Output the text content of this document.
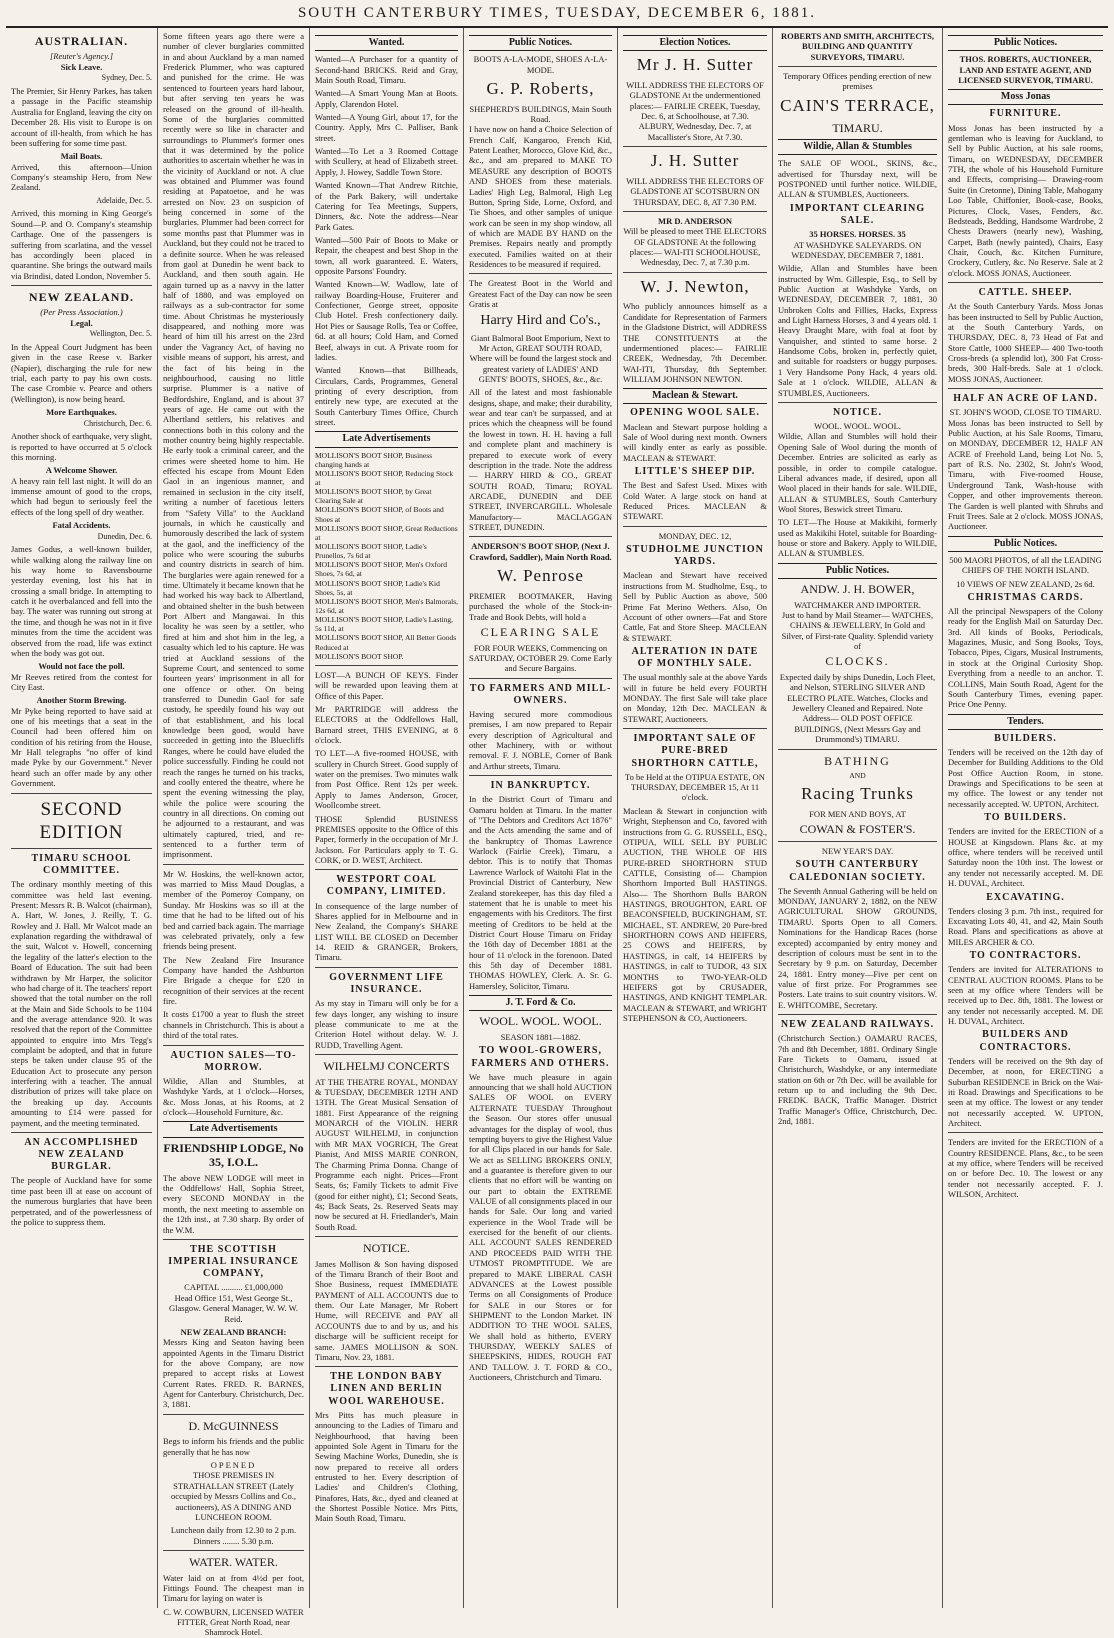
SOUTH CANTERBURY TIMES, TUESDAY, DECEMBER 6, 1881.
AUSTRALIAN.
[Reuter's Agency.]
Sick Leave.
Sydney, Dec. 5.

The Premier, Sir Henry Parkes, has taken a passage in the Pacific steamship Australia for England, leaving the city on December 28. His visit to Europe is on account of ill-health, from which he has been suffering for some time past.

Mail Boats.

Arrived, this afternoon—Union Company's steamship Hero, from New Zealand.

Adelaide, Dec. 5.

Arrived, this morning in King George's Sound—P. and O. Company's steamship Carthage. One of the passengers is suffering from scarlatina, and the vessel has accordingly been placed in quarantine. She brings the outward mails via Brindisi, dated London, November 5.

NEW ZEALAND.
(Per Press Association.)
Legal.
Wellington, Dec. 5.

In the Appeal Court Judgment has been given in the case Reese v. Barker (Napier), discharging the rule for new trial, each party to pay his own costs. The case Crombie v. Pearce and others (Wellington), is now being heard.

More Earthquakes.
Christchurch, Dec. 6.

Another shock of earthquake, very slight, is reported to have occurred at 5 o'clock this morning.

A Welcome Shower.

A heavy rain fell last night. It will do an immense amount of good to the crops, which had begun to seriously feel the effects of the long spell of dry weather.

Fatal Accidents.
Dunedin, Dec. 6.

James Godus, a well-known builder, while walking along the railway line on his way home to Ravensbourne yesterday evening, lost his hat in crossing a small bridge. In attempting to catch it he overbalanced and fell into the bay. The water was running out strong at the time, and though he was not in it five minutes from the time the accident was observed from the road, life was extinct when the body was got out.

Would not face the poll.

Mr Reeves retired from the contest for City East.

Another Storm Brewing.

Mr Pyke being reported to have said at one of his meetings that a seat in the Council had been offered him on condition of his retiring from the House, Mr Hall telegraphs "no offer of kind made Pyke by our Government." Never heard such an offer made by any other Government.

SECOND EDITION
TIMARU SCHOOL COMMITTEE.

The ordinary monthly meeting of this committee was held last evening. Present: Messrs R. B. Walcot (chairman), A. Hart, W. Jones, J. Reilly, T. G. Rowley and J. Hall. Mr Walcot made an explanation regarding the withdrawal of the suit, Walcot v. Howell, concerning the legality of the latter's election to the Board of Education. The suit had been withdrawn by Mr Harper, the solicitor who had charge of it. The teachers' report showed that the total number on the roll at the Main and Side Schools to be 1104 and the average attendance 920. It was resolved that the report of the Committee appointed to enquire into Mrs Tegg's complaint be adopted, and that in future steps be taken under clause 95 of the Education Act to prosecute any person interfering with a teacher. The annual distribution of prizes will take place on the breaking up day. Accounts amounting to £14 were passed for payment, and the meeting terminated.

AN ACCOMPLISHED NEW ZEALAND BURGLAR.

The people of Auckland have for some time past been ill at ease on account of the numerous burglaries that have been perpetrated, and of the powerlessness of the police to suppress them.

Some fifteen years ago there were a number of clever burglaries committed in and about Auckland by a man named Frederick Plummer, who was captured and punished for the crime. He was sentenced to fourteen years hard labour, but after serving ten years he was released on the ground of ill-health. Some of the burglaries committed recently were so like in character and surroundings to Plummer's former ones that it was determined by the police authorities to ascertain whether he was in the vicinity of Auckland or not. A clue was obtained and Plummer was found residing at Papatoetoe, and he was arrested on Nov. 23 on suspicion of being concerned in some of the burglaries. Plummer had been correct for some months past that Plummer was in Auckland, but they could not be traced to a definite source. When he was released from gaol at Dunedin he went back to Auckland, and then south again. He again turned up as a navvy in the latter half of 1880, and was employed on railways as a sub-contractor for some time. About Christmas he mysteriously disappeared, and nothing more was heard of him till his arrest on the 23rd under the Vagrancy Act, of having no visible means of support, his arrest, and the fact of his being in the neighbourhood, causing no little surprise. Plummer is a native of Bedfordshire, England, and is about 37 years of age. He came out with the Albertland settlers, his relatives and connections both in this colony and the mother country being highly respectable. He early took a criminal career, and the crimes were sheeted home to him. He effected his escape from Mount Eden Gaol in an ingenious manner, and remained in seclusion in the city itself, writing a number of facetious letters from "Safety Villa" to the Auckland journals, in which he caustically and humorously described the lack of system at the gaol, and the inefficiency of the police who were scouring the suburbs and country districts in search of him. The burglaries were again renewed for a time. Ultimately it became known that he had worked his way back to Albertland, and obtained shelter in the bush between Port Albert and Mangawai. In this locality he was seen by a settler, who fired at him and shot him in the leg, a casualty which led to his capture. He was tried at Auckland sessions of the Supreme Court, and sentenced to some fourteen years' imprisonment in all for one offence or other. On being transferred to Dunedin Gaol for safe custody, he speedily found his way out of that establishment, and his local knowledge been good, would have succeeded in getting into the Bluecliffs Ranges, where he could have eluded the police successfully. Finding he could not reach the ranges he turned on his tracks, and coolly entered the theatre, where he spent the evening witnessing the play, while the police were scouring the country in all directions. On coming out he adjourned to a restaurant, and was ultimately captured, tried, and re-sentenced to a further term of imprisonment.

Mr W. Hoskins, the well-known actor, was married to Miss Maud Douglas, a member of the Pomeroy Company, on Sunday. Mr Hoskins was so ill at the time that he had to be lifted out of his bed and carried back again. The marriage was celebrated privately, only a few friends being present.

The New Zealand Fire Insurance Company have handed the Ashburton Fire Brigade a cheque for £20 in recognition of their services at the recent fire.

It costs £1700 a year to flush the street channels in Christchurch. This is about a third of the total rates.

AUCTION SALES—TO-MORROW.

Wildie, Allan and Stumbles, at Washdyke Yards, at 1 o'clock—Horses, &c. Moss Jonas, at his Rooms, at 2 o'clock—Household Furniture, &c.

Late Advertisements
FRIENDSHIP LODGE, No 35, I.O.L.

The above NEW LODGE will meet in the Oddfellows' Hall, Sophia Street, every SECOND MONDAY in the month, the next meeting to assemble on the 12th inst., at 7.30 sharp. By order of the W.M.

THE SCOTTISH IMPERIAL INSURANCE COMPANY,
CAPITAL .......... £1,000,000

Head Office 151, West George St., Glasgow. General Manager, W. W. W. Reid.

NEW ZEALAND BRANCH:

Messrs King and Seaton having been appointed Agents in the Timaru District for the above Company, are now prepared to accept risks at Lowest Current Rates. FRED. R. BARNES, Agent for Canterbury. Christchurch, Dec. 3, 1881.

D. McGUINNESS

Begs to inform his friends and the public generally that he has now

OPENED

THOSE PREMISES IN STRATHALLAN STREET (Lately occupied by Messrs Collins and Co., auctioneers), AS A DINING AND LUNCHEON ROOM.

Luncheon daily from 12.30 to 2 p.m. Dinners ........ 5.30 p.m.

WATER. WATER.

Water laid on at from 4½d per foot, Fittings Found. The cheapest man in Timaru for laying on water is

C. W. COWBURN, LICENSED WATER FITTER, Great North Road, near Shamrock Hotel.

Wanted.

Wanted—A Purchaser for a quantity of Second-hand BRICKS. Reid and Gray, Main South Road, Timaru.

Wanted—A Smart Young Man at Boots. Apply, Clarendon Hotel.

Wanted—A Young Girl, about 17, for the Country. Apply, Mrs C. Palliser, Bank street.

Wanted—To Let a 3 Roomed Cottage with Scullery, at head of Elizabeth street. Apply, J. Howey, Saddle Town Store.

Wanted Known—That Andrew Ritchie, of the Park Bakery, will undertake Catering for Tea Meetings, Suppers, Dinners, &c. Note the address—Near Park Gates.

Wanted—500 Pair of Boots to Make or Repair, the cheapest and best Shop in the town, all work guaranteed. E. Waters, opposite Parsons' Foundry.

Wanted Known—W. Wadlow, late of railway Boarding-House, Fruiterer and Confectioner, George street, opposite Club Hotel. Fresh confectionery daily. Hot Pies or Sausage Rolls, Tea or Coffee, 6d. at all hours; Cold Ham, and Corned Beef, always in cut. A Private room for ladies.

Wanted Known—that Billheads, Circulars, Cards, Programmes, General printing of every description, from entirely new type, are executed at the South Canterbury Times Office, Church street.

Late Advertisements
MOLLISON'S BOOT SHOP, Business changing hands at
MOLLISON'S BOOT SHOP, Reducing Stock at
MOLLISON'S BOOT SHOP, by Great Clearing Sale at
MOLLISON'S BOOT SHOP, of Boots and Shoes at
MOLLISON'S BOOT SHOP, Great Reductions at
MOLLISON'S BOOT SHOP, Ladie's Prunellos, 7s 6d at
MOLLISON'S BOOT SHOP, Men's Oxford Shoes, 7s 6d, at
MOLLISON'S BOOT SHOP, Ladie's Kid Shoes, 5s, at
MOLLISON'S BOOT SHOP, Men's Balmorals, 12s 6d, at
MOLLISON'S BOOT SHOP, Ladie's Lasting, 5s 11d, at
MOLLISON'S BOOT SHOP, All Better Goods Reduced at
MOLLISON'S BOOT SHOP.

LOST—A BUNCH OF KEYS. Finder will be rewarded upon leaving them at Office of this Paper.

Mr PARTRIDGE will address the ELECTORS at the Oddfellows Hall, Barnard street, THIS EVENING, at 8 o'clock.

TO LET—A five-roomed HOUSE, with scullery in Church Street. Good supply of water on the premises. Two minutes walk from Post Office. Rent 12s per week. Apply to James Anderson, Grocer, Woollcombe street.

THOSE Splendid BUSINESS PREMISES opposite to the Office of this Paper, formerly in the occupation of Mr J. Jackson. For Particulars apply to T. G. CORK, or D. WEST, Architect.

WESTPORT COAL COMPANY, LIMITED.

In consequence of the large number of Shares applied for in Melbourne and in New Zealand, the Company's SHARE LIST WILL BE CLOSED on December 14. REID & GRANGER, Brokers, Timaru.

GOVERNMENT LIFE INSURANCE.

As my stay in Timaru will only be for a few days longer, any wishing to insure please communicate to me at the Criterion Hotel without delay. W. J. RUDD, Travelling Agent.

WILHELMJ CONCERTS

AT THE THEATRE ROYAL, MONDAY & TUESDAY, DECEMBER 12TH AND 13TH. The Great Musical Sensation of 1881. First Appearance of the reigning MONARCH of the VIOLIN. HERR AUGUST WILHELMJ, in conjunction with MR MAX VOGRICH, The Great Pianist, And MISS MARIE CONRON, The Charming Prima Donna. Change of Programme each night. Prices—Front Seats, 6s; Family Tickets to admit Five (good for either night), £1; Second Seats, 4s; Back Seats, 2s. Reserved Seats may now be secured at H. Friedlander's, Main South Road.

NOTICE.

James Mollison & Son having disposed of the Timaru Branch of their Boot and Shoe Business, request IMMEDIATE PAYMENT of ALL ACCOUNTS due to them. Our Late Manager, Mr Robert Hume, will RECEIVE and PAY all ACCOUNTS due to and by us, and his discharge will be sufficient receipt for same. JAMES MOLLISON & SON. Timaru, Nov. 23, 1881.

THE LONDON BABY LINEN AND BERLIN WOOL WAREHOUSE.

Mrs Pitts has much pleasure in announcing to the Ladies of Timaru and Neighbourhood, that having been appointed Sole Agent in Timaru for the Sewing Machine Works, Dunedin, she is now prepared to receive all orders entrusted to her. Every description of Ladies' and Children's Clothing, Pinafores, Hats, &c., dyed and cleaned at the Shortest Possible Notice. Mrs Pitts, Main South Road, Timaru.

Public Notices.
BOOTS A-LA-MODE, SHOES A-LA-MODE.
G. P. Roberts,
SHEPHERD'S BUILDINGS, Main South Road.

I have now on hand a Choice Selection of French Calf, Kangaroo, French Kid, Patent Leather, Morocco, Glove Kid, &c., &c., and am prepared to MAKE TO MEASURE any description of BOOTS AND SHOES from these materials. Ladies' High Leg, Balmoral, High Leg Button, Spring Side, Lorne, Oxford, and Tie Shoes, and other samples of unique work can be seen in my shop window, all of which are MADE BY HAND on the Premises. Repairs neatly and promptly executed. Families waited on at their Residences to be measured if required.

The Greatest Boot in the World and Greatest Fact of the Day can now be seen Gratis at

Harry Hird and Co's.,

Giant Balmoral Boot Emporium, Next to Mr Acton, GREAT SOUTH ROAD, Where will be found the largest stock and greatest variety of LADIES' AND GENTS' BOOTS, SHOES, &c., &c.

All of the latest and most fashionable designs, shape, and make; their durability, wear and tear can't be surpassed, and at prices which the cheapness will be found the lowest in town. H. H. having a full and complete plant and machinery is prepared to execute work of every description in the trade. Note the address— HARRY HIRD & CO., GREAT SOUTH ROAD, Timaru; ROYAL ARCADE, DUNEDIN and DEE STREET, INVERCARGILL. Wholesale Manufactory— MACLAGGAN STREET, DUNEDIN.

ANDERSON'S BOOT SHOP, (Next J. Crawford, Saddler), Main North Road.
W. Penrose

PREMIER BOOTMAKER, Having purchased the whole of the Stock-in-Trade and Book Debts, will hold a

CLEARING SALE

FOR FOUR WEEKS, Commencing on SATURDAY, OCTOBER 29. Come Early and Secure Bargains.

TO FARMERS AND MILL-OWNERS.

Having secured more commodious premises, I am now prepared to Repair every description of Agricultural and other Machinery, with or without removal. F. J. NOBLE, Corner of Bank and Arthur streets, Timaru.

IN BANKRUPTCY.

In the District Court of Timaru and Oamaru holden at Timaru. In the matter of "The Debtors and Creditors Act 1876" and the Acts amending the same and of the bankruptcy of Thomas Lawrence Warlock (Fairlie Creek), Timaru, a debtor. This is to notify that Thomas Lawrence Warlock of Waitohi Flat in the Provincial District of Canterbury, New Zealand storekeeper, has this day filed a statement that he is unable to meet his engagements with his Creditors. The first meeting of Creditors to be held at the District Court House Timaru on Friday the 16th day of December 1881 at the hour of 11 o'clock in the forenoon. Dated this 5th day of December 1881. THOMAS HOWLEY, Clerk. A. Sr. G. Hamersley, Solicitor, Timaru.

J. T. Ford & Co.
WOOL. WOOL. WOOL.
SEASON 1881—1882.
TO WOOL-GROWERS, FARMERS AND OTHERS.

We have much pleasure in again announcing that we shall hold AUCTION SALES OF WOOL on EVERY ALTERNATE TUESDAY Throughout the Season. Our stores offer unusual advantages for the display of wool, thus tempting buyers to give the Highest Value for all Clips placed in our hands for Sale. We act as SELLING BROKERS ONLY, and a guarantee is therefore given to our clients that no effort will be wanting on our part to obtain the EXTREME VALUE of all consignments placed in our hands for Sale. Our long and varied experience in the Wool Trade will be exercised for the benefit of our clients. ALL ACCOUNT SALES RENDERED AND PROCEEDS PAID WITH THE UTMOST PROMPTITUDE. We are prepared to MAKE LIBERAL CASH ADVANCES at the Lowest possible Terms on all Consignments of Produce for SALE in our Stores or for SHIPMENT to the London Market. IN ADDITION TO THE WOOL SALES, We shall hold as hitherto, EVERY THURSDAY, WEEKLY SALES of SHEEPSKINS, HIDES, ROUGH FAT AND TALLOW. J. T. FORD & CO., Auctioneers, Christchurch and Timaru.

Election Notices.
Mr J. H. Sutter

WILL ADDRESS THE ELECTORS OF GLADSTONE At the undermentioned places:— FAIRLIE CREEK, Tuesday, Dec. 6, at Schoolhouse, at 7.30. ALBURY, Wednesday, Dec. 7, at Macallister's Store, At 7.30.

J. H. Sutter

WILL ADDRESS THE ELECTORS OF GLADSTONE AT SCOTSBURN ON THURSDAY, DEC. 8, AT 7.30 P.M.

MR D. ANDERSON

Will be pleased to meet THE ELECTORS OF GLADSTONE At the following places:— WAI-ITI SCHOOLHOUSE, Wednesday, Dec. 7, at 7.30 p.m.

W. J. Newton,

Who publicly announces himself as a Candidate for Representation of Farmers in the Gladstone District, will ADDRESS THE CONSTITUENTS at the undermentioned places:— FAIRLIE CREEK, Wednesday, 7th December. WAI-ITI, Thursday, 8th September. WILLIAM JOHNSON NEWTON.

Maclean & Stewart.
OPENING WOOL SALE.

Maclean and Stewart purpose holding a Sale of Wool during next month. Owners will kindly enter as early as possible. MACLEAN & STEWART.

LITTLE'S SHEEP DIP.

The Best and Safest Used. Mixes with Cold Water. A large stock on hand at Reduced Prices. MACLEAN & STEWART.

MONDAY, DEC. 12,
STUDHOLME JUNCTION YARDS.

Maclean and Stewart have received instructions from M. Studholme, Esq., to Sell by Public Auction as above, 500 Prime Fat Merino Wethers. Also, On Account of other owners—Fat and Store Cattle, Fat and Store Sheep. MACLEAN & STEWART.

ALTERATION IN DATE OF MONTHLY SALE.

The usual monthly sale at the above Yards will in future be held every FOURTH MONDAY. The first Sale will take place on Monday, 12th Dec. MACLEAN & STEWART, Auctioneers.

IMPORTANT SALE OF PURE-BRED SHORTHORN CATTLE,

To be Held at the OTIPUA ESTATE, ON THURSDAY, DECEMBER 15, At 11 o'clock.

Maclean & Stewart in conjunction with Wright, Stephenson and Co, favored with instructions from G. G. RUSSELL, ESQ., OTIPUA, WILL SELL BY PUBLIC AUCTION, THE WHOLE OF HIS PURE-BRED SHORTHORN STUD CATTLE, Consisting of— Champion Shorthorn Imported Bull HASTINGS. Also— The Shorthorn Bulls BARON HASTINGS, BROUGHTON, EARL OF BEACONSFIELD, BUCKINGHAM, ST. MICHAEL, ST. ANDREW, 20 Pure-bred SHORTHORN COWS AND HEIFERS, 25 COWS and HEIFERS, by HASTINGS, in calf, 14 HEIFERS by HASTINGS, in calf to TUDOR, 43 SIX MONTHS to TWO-YEAR-OLD HEIFERS got by CRUSADER, HASTINGS, AND KNIGHT TEMPLAR. MACLEAN & STEWART, and WRIGHT STEPHENSON & CO, Auctioneers.

ROBERTS AND SMITH, ARCHITECTS, BUILDING AND QUANTITY SURVEYORS, TIMARU.

Temporary Offices pending erection of new premises

CAIN'S TERRACE,
TIMARU.
Wildie, Allan & Stumbles

The SALE OF WOOL, SKINS, &c., advertised for Thursday next, will be POSTPONED until further notice. WILDIE, ALLAN & STUMBLES, Auctioneers.

IMPORTANT CLEARING SALE.
35 HORSES. HORSES. 35

AT WASHDYKE SALEYARDS. ON WEDNESDAY, DECEMBER 7, 1881.

Wildie, Allan and Stumbles have been instructed by Wm. Gillespie, Esq., to Sell by Public Auction at Washdyke Yards, on WEDNESDAY, DECEMBER 7, 1881, 30 Unbroken Colts and Fillies, Hacks, Express and Light Harness Horses, 3 and 4 years old. 1 Heavy Draught Mare, with foal at foot by Vanquisher, and stinted to same horse. 2 Handsome Cobs, broken in, perfectly quiet, and suitable for roadsters or buggy purposes. 1 Very Handsome Pony Hack, 4 years old. Sale at 1 o'clock. WILDIE, ALLAN & STUMBLES, Auctioneers.

NOTICE.
WOOL. WOOL. WOOL.

Wildie, Allan and Stumbles will hold their Opening Sale of Wool during the month of December. Entries are solicited as early as possible, in order to compile catalogue. Liberal advances made, if desired, upon all Wool placed in their hands for sale. WILDIE, ALLAN & STUMBLES, South Canterbury Wool Stores, Beswick street Timaru.

TO LET—The House at Makikihi, formerly used as Makikihi Hotel, suitable for Boarding-house or store and Bakery. Apply to WILDIE, ALLAN & STUMBLES.

Public Notices.
ANDW. J. H. BOWER,
WATCHMAKER AND IMPORTER.

Just to hand by Mail Steamer— WATCHES, CHAINS & JEWELLERY, In Gold and Silver, of First-rate Quality. Splendid variety of

CLOCKS.

Expected daily by ships Dunedin, Loch Fleet, and Nelson, STERLING SILVER AND ELECTRO PLATE. Watches, Clocks and Jewellery Cleaned and Repaired. Note Address— OLD POST OFFICE BUILDINGS, (Next Messrs Gay and Drummond's) TIMARU.

BATHING
AND
Racing Trunks
FOR MEN AND BOYS, AT
COWAN & FOSTER'S.
NEW YEAR'S DAY.
SOUTH CANTERBURY CALEDONIAN SOCIETY.

The Seventh Annual Gathering will be held on MONDAY, JANUARY 2, 1882, on the NEW AGRICULTURAL SHOW GROUNDS, TIMARU. Sports Open to all Comers. Nominations for the Handicap Races (horse excepted) accompanied by entry money and description of colours must be sent in to the Secretary by 9 p.m. on Saturday, December 24, 1881. Entry money—Five per cent on value of first prize. For Programmes see Posters. Late trains to suit country visitors. W. E. WHITCOMBE, Secretary.

NEW ZEALAND RAILWAYS.

(Christchurch Section.) OAMARU RACES, 7th and 8th December, 1881. Ordinary Single Fare Tickets to Oamaru, issued at Christchurch, Washdyke, or any intermediate station on 6th or 7th Dec. will be available for return up to and including the 9th Dec. FREDK. BACK, Traffic Manager. District Traffic Manager's Office, Christchurch, Dec. 2nd, 1881.

Public Notices.

THOS. ROBERTS, AUCTIONEER, LAND AND ESTATE AGENT, AND LICENSED SURVEYOR, TIMARU.

Moss Jonas
FURNITURE.

Moss Jonas has been instructed by a gentleman who is leaving for Auckland, to Sell by Public Auction, at his sale rooms, Timaru, on WEDNESDAY, DECEMBER 7TH, the whole of his Household Furniture and Effects, comprising— Drawing-room Suite (in Cretonne), Dining Table, Mahogany Loo Table, Chiffonier, Book-case, Books, Pictures, Clock, Vases, Fenders, &c. Bedsteads, Bedding, Handsome Wardrobe, 2 Chests Drawers (nearly new), Washing, Carpet, Bath (newly painted), Chairs, Easy Chair, Couch, &c. Kitchen Furniture, Crockery, Cutlery, &c. No Reserve. Sale at 2 o'clock. MOSS JONAS, Auctioneer.

CATTLE. SHEEP.

At the South Canterbury Yards. Moss Jonas has been instructed to Sell by Public Auction, at the South Canterbury Yards, on THURSDAY, DEC. 8, 73 Head of Fat and Store Cattle, 1000 SHEEP— 400 Two-tooth Cross-breds (a splendid lot), 300 Fat Cross-breds, 300 Half-breds. Sale at 1 o'clock. MOSS JONAS, Auctioneer.

HALF AN ACRE OF LAND.
ST. JOHN'S WOOD, CLOSE TO TIMARU.

Moss Jonas has been instructed to Sell by Public Auction, at his Sale Rooms, Timaru, on MONDAY, DECEMBER 12, HALF AN ACRE of Freehold Land, being Lot No. 5, part of R.S. No. 2302, St. John's Wood, Timaru, with Five-roomed House, Underground Tank, Wash-house with Copper, and other improvements thereon. The Garden is well planted with Shrubs and Fruit Trees. Sale at 2 o'clock. MOSS JONAS, Auctioneer.

Public Notices.

500 MAORI PHOTOS, of all the LEADING CHIEFS OF THE NORTH ISLAND.

10 VIEWS OF NEW ZEALAND, 2s 6d.
CHRISTMAS CARDS.

All the principal Newspapers of the Colony ready for the English Mail on Saturday Dec. 3rd. All kinds of Books, Periodicals, Magazines, Music, and Song Books, Toys, Tobacco, Pipes, Cigars, Musical Instruments, in stock at the Original Curiosity Shop. Everything from a needle to an anchor. T. COLLINS, Main South Road, Agent for the South Canterbury Times, evening paper. Price One Penny.

Tenders.
BUILDERS.

Tenders will be received on the 12th day of December for Building Additions to the Old Post Office Auction Room, in stone. Drawings and Specifications to be seen at my office. The lowest or any tender not necessarily accepted. W. UPTON, Architect.

TO BUILDERS.

Tenders are invited for the ERECTION of a HOUSE at Kingsdown. Plans &c. at my office, where tenders will be received until Saturday noon the 10th inst. The lowest or any tender not necessarily accepted. M. DE H. DUVAL, Architect.

EXCAVATING.

Tenders closing 3 p.m. 7th inst., required for Excavating Lots 40, 41, and 42, Main South Road. Plans and specifications as above at MILES ARCHER & CO.

TO CONTRACTORS.

Tenders are invited for ALTERATIONS to CENTRAL AUCTION ROOMS. Plans to be seen at my office where Tenders will be received up to Dec. 8th, 1881. The lowest or any tender not necessarily accepted. M. DE H. DUVAL, Architect.

BUILDERS AND CONTRACTORS.

Tenders will be received on the 9th day of December, at noon, for ERECTING a Suburban RESIDENCE in Brick on the Wai-iti Road. Drawings and Specifications to be seen at my office. The lowest or any tender not necessarily accepted. W. UPTON, Architect.

Tenders are invited for the ERECTION of a Country RESIDENCE. Plans, &c., to be seen at my office, where Tenders will be received on or before Dec. 10. The lowest or any tender not necessarily accepted. F. J. WILSON, Architect.
